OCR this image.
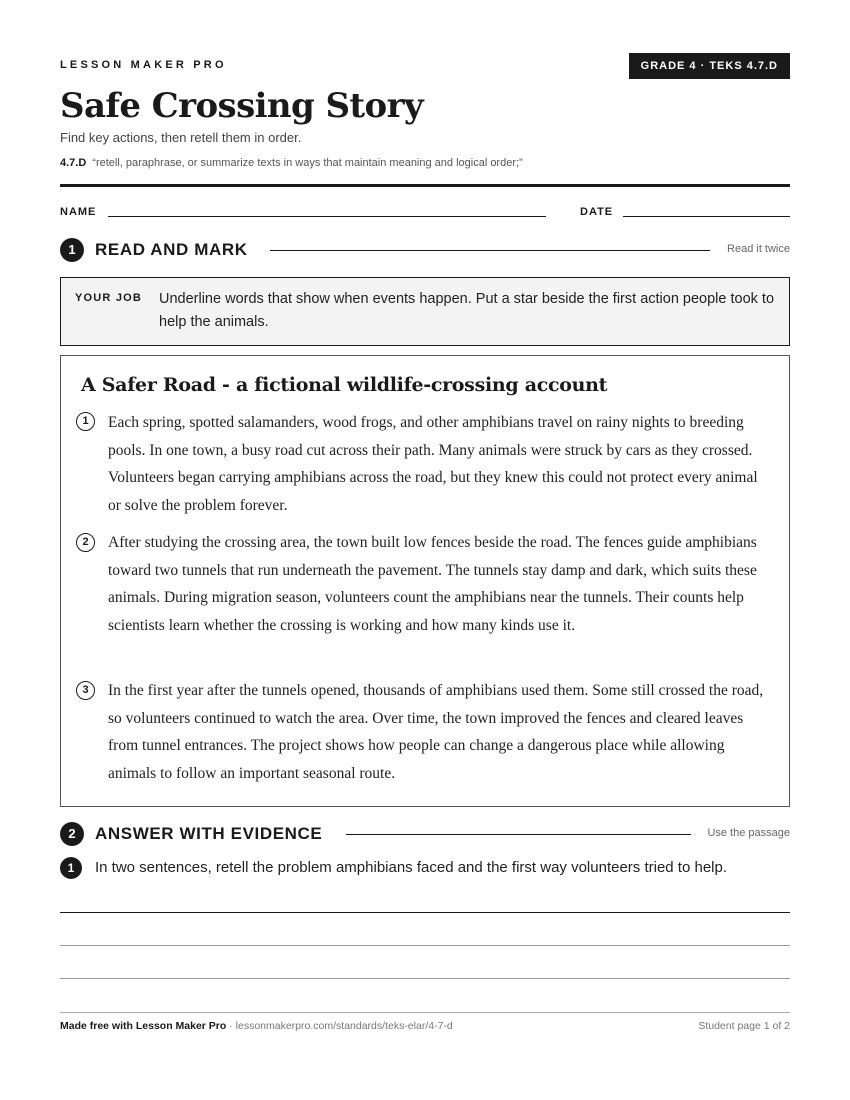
LESSON MAKER PRO	GRADE 4 · TEKS 4.7.D
Safe Crossing Story
Find key actions, then retell them in order.
4.7.D “retell, paraphrase, or summarize texts in ways that maintain meaning and logical order;”
NAME	DATE
1	READ AND MARK	Read it twice
YOUR JOB Underline words that show when events happen. Put a star beside the first action people took to help the animals.
A Safer Road - a fictional wildlife-crossing account
1	Each spring, spotted salamanders, wood frogs, and other amphibians travel on rainy nights to breeding pools. In one town, a busy road cut across their path. Many animals were struck by cars as they crossed. Volunteers began carrying amphibians across the road, but they knew this could not protect every animal or solve the problem forever.
2	After studying the crossing area, the town built low fences beside the road. The fences guide amphibians toward two tunnels that run underneath the pavement. The tunnels stay damp and dark, which suits these animals. During migration season, volunteers count the amphibians near the tunnels. Their counts help scientists learn whether the crossing is working and how many kinds use it.
3	In the first year after the tunnels opened, thousands of amphibians used them. Some still crossed the road, so volunteers continued to watch the area. Over time, the town improved the fences and cleared leaves from tunnel entrances. The project shows how people can change a dangerous place while allowing animals to follow an important seasonal route.
2	ANSWER WITH EVIDENCE	Use the passage
1	In two sentences, retell the problem amphibians faced and the first way volunteers tried to help.
Made free with Lesson Maker Pro · lessonmakerpro.com/standards/teks-elar/4-7-d	Student page 1 of 2
